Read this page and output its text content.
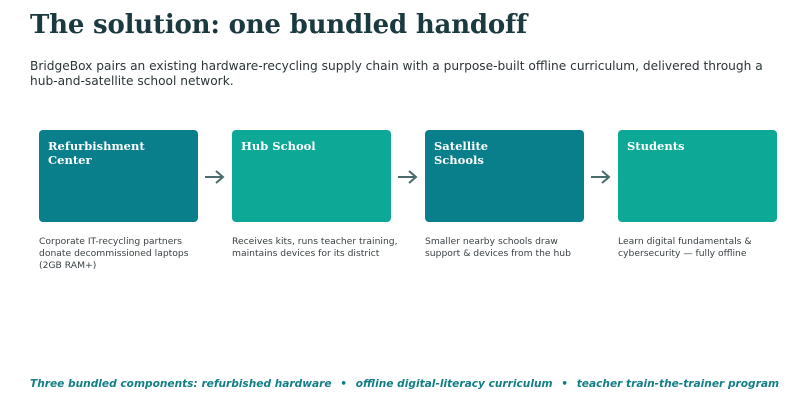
The solution: one bundled handoff
BridgeBox pairs an existing hardware-recycling supply chain with a purpose-built offline curriculum, delivered through a hub-and-satellite school network.
Refurbishment
Center
Hub School	Satellite
Schools
Students
Corporate IT-recycling partners donate decommissioned laptops (2GB RAM+)
Receives kits, runs teacher training, maintains devices for its district
Smaller nearby schools draw support & devices from the hub
Learn digital fundamentals & cybersecurity — fully offline
Three bundled components: refurbished hardware • offline digital-literacy curriculum • teacher train-the-trainer program
